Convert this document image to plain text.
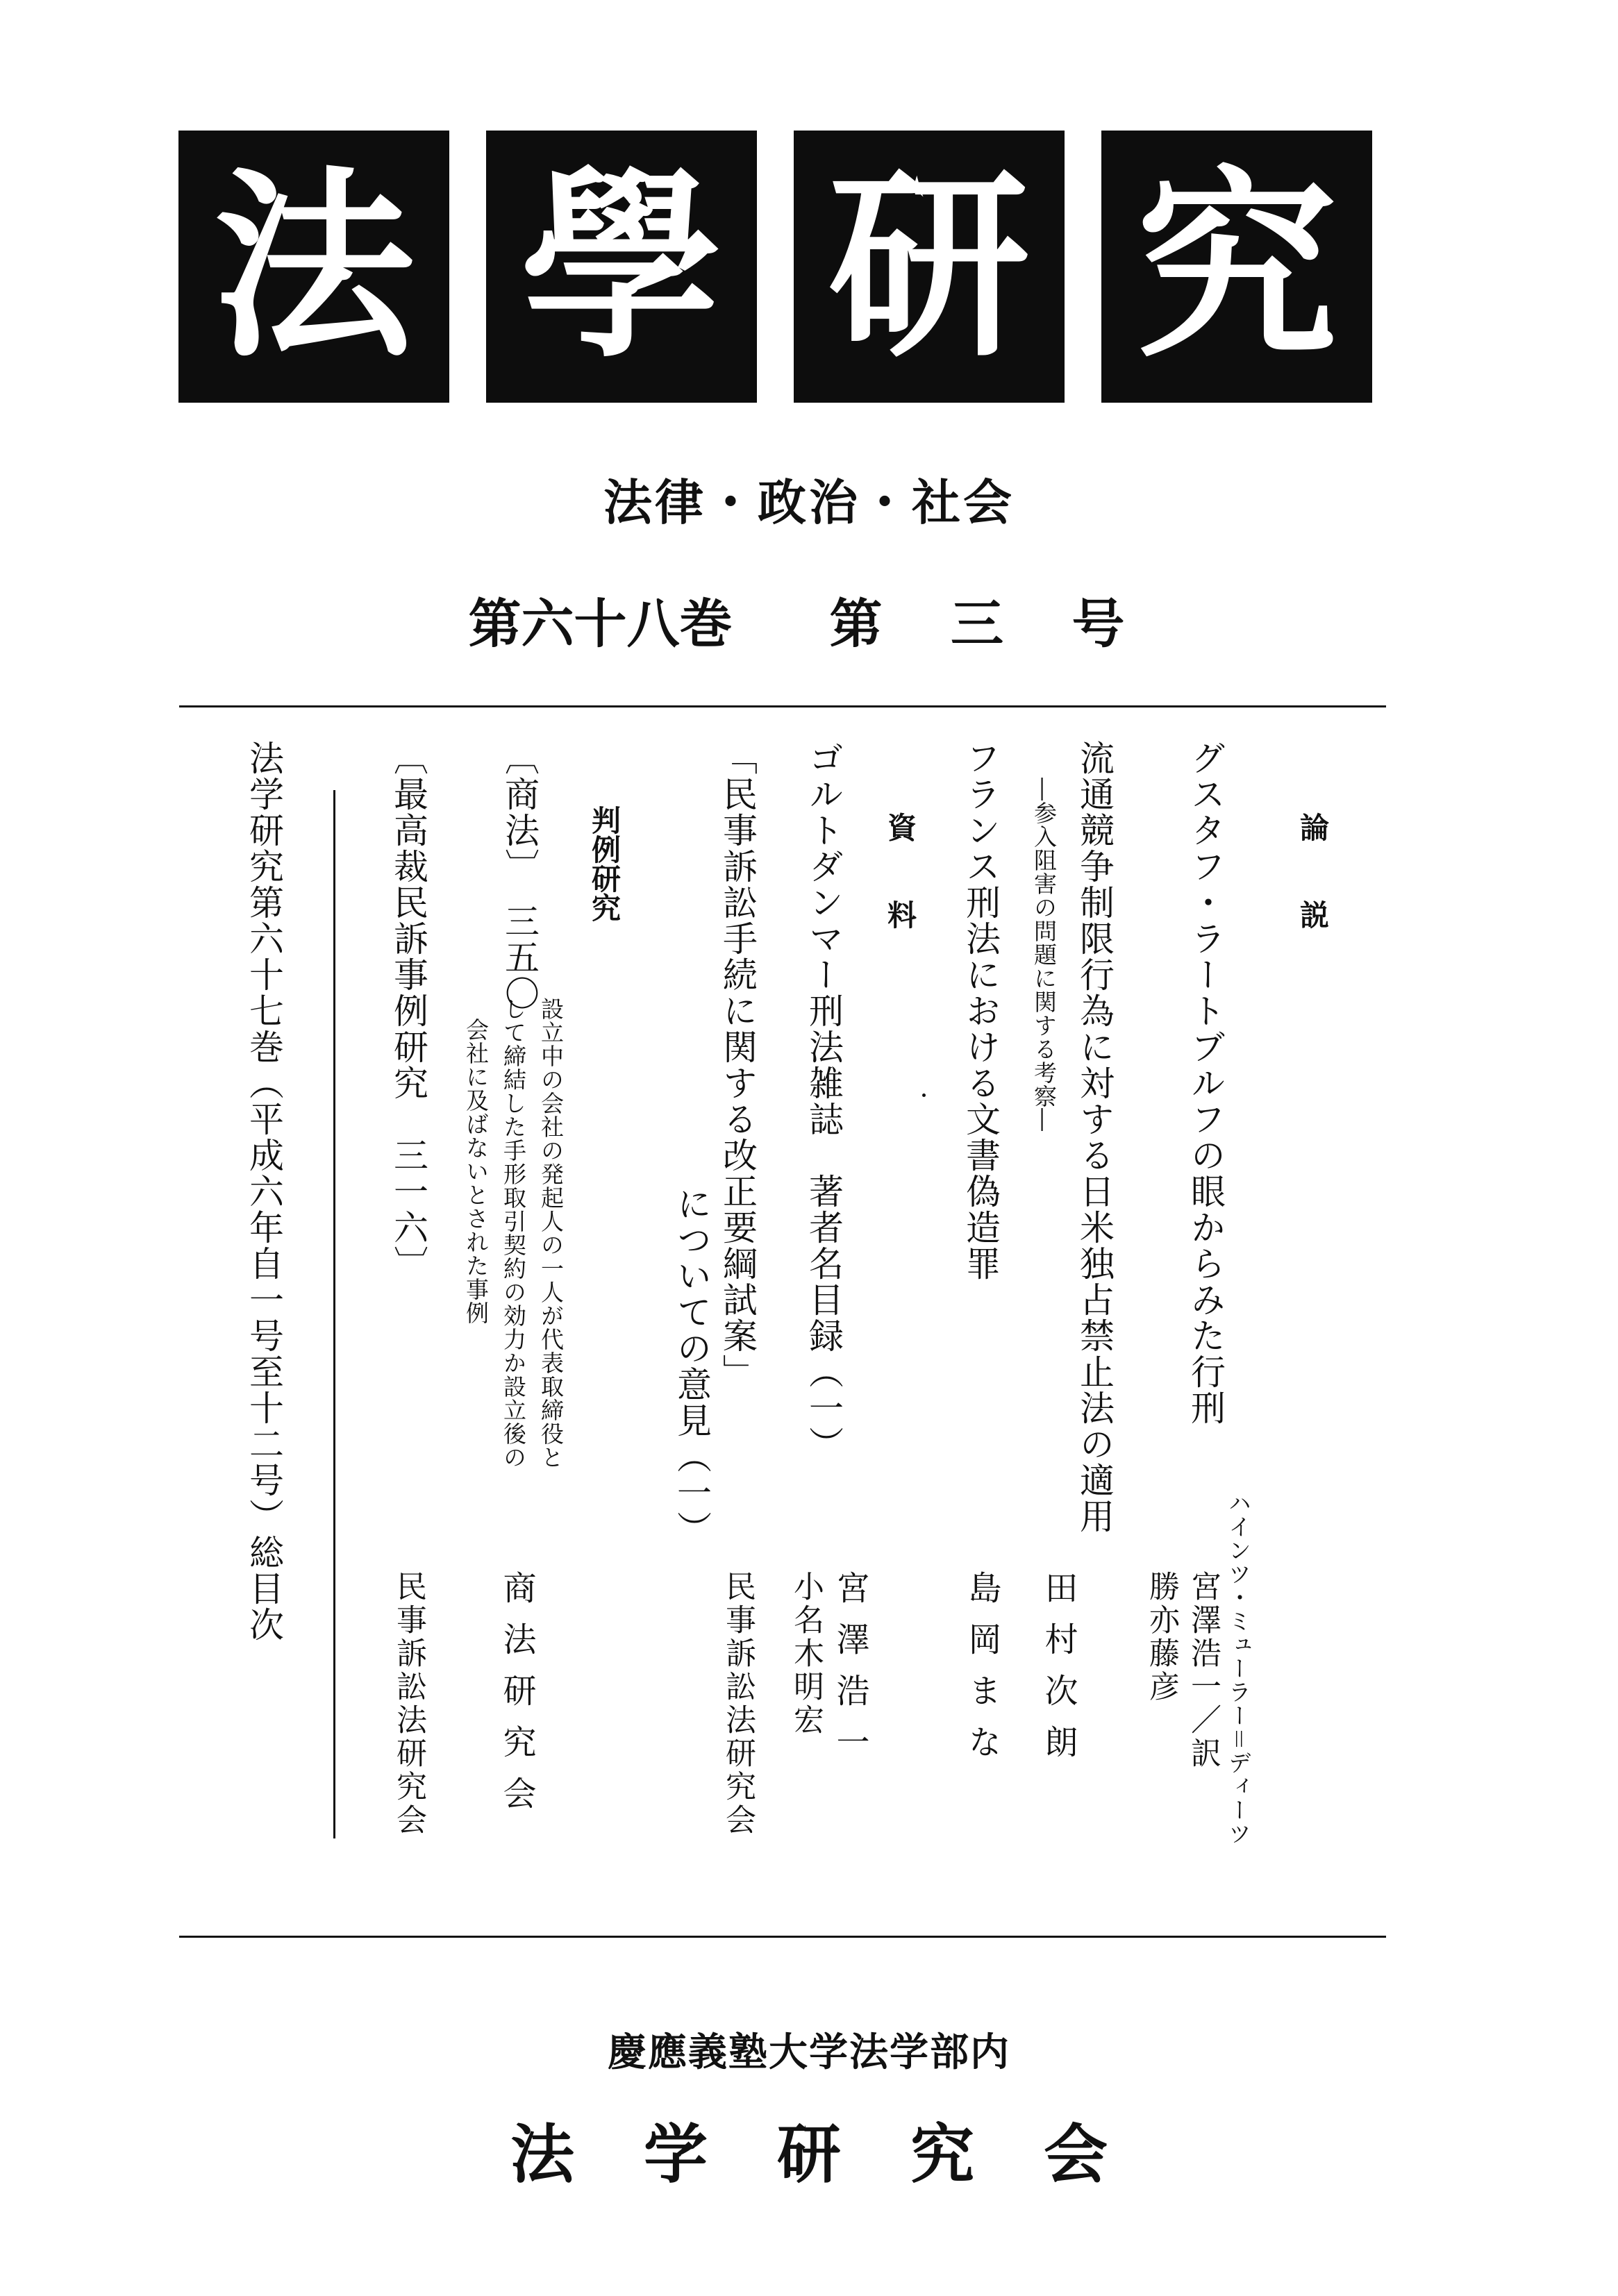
法 學 研 究
法律・政治・社会
第六十八巻 第 三 号

論　　説

グスタフ・ラートブルフの眼からみた行刑

ハインツ・ミューラー＝ディーツ

宮澤浩一／訳

勝亦藤彦

流通競争制限行為に対する日米独占禁止法の適用

―参入阻害の問題に関する考察―

田村次朗

資　　料 フランス刑法における文書偽造罪

島岡まな

ゴルトダンマー刑法雑誌　著者名目録（一）

宮澤浩一

小名木明宏

「民事訴訟手続に関する改正要綱試案」

についての意見（一）

民事訴訟法研究会

判例研究

〔商法〕　三五〇

設立中の会社の発起人の一人が代表取締役と

して締結した手形取引契約の効力か設立後の

会社に及ばないとされた事例

商法研究会

〔最高裁民訴事例研究　三一六〕

民事訴訟法研究会

法学研究第六十七巻（平成六年自一号至十二号）総目次

慶應義塾大学法学部内
法学研究会
